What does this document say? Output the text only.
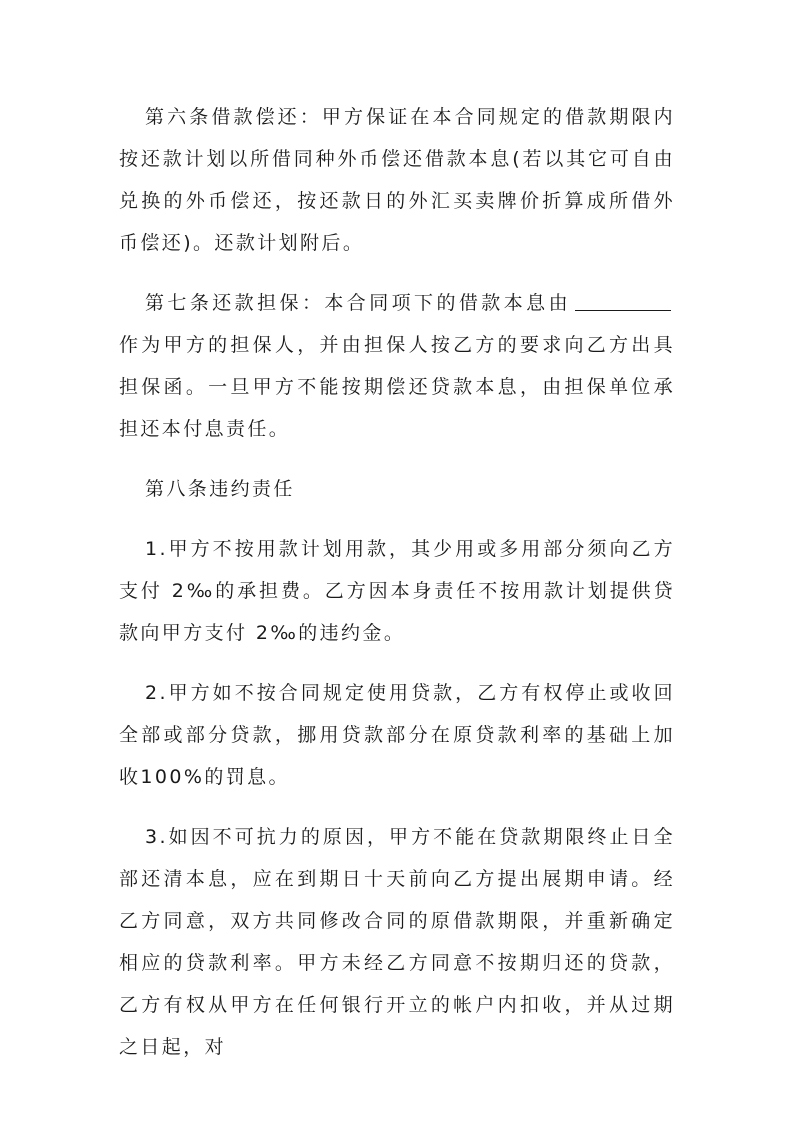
第六条借款偿还：甲方保证在本合同规定的借款期限内按还款计划以所借同种外币偿还借款本息(若以其它可自由兑换的外币偿还，按还款日的外汇买卖牌价折算成所借外币偿还)。还款计划附后。

第七条还款担保：本合同项下的借款本息由作为甲方的担保人，并由担保人按乙方的要求向乙方出具担保函。一旦甲方不能按期偿还贷款本息，由担保单位承担还本付息责任。

第八条违约责任

1.甲方不按用款计划用款，其少用或多用部分须向乙方支付 2‰的承担费。乙方因本身责任不按用款计划提供贷款向甲方支付 2‰的违约金。

2.甲方如不按合同规定使用贷款，乙方有权停止或收回全部或部分贷款，挪用贷款部分在原贷款利率的基础上加收100%的罚息。

3.如因不可抗力的原因，甲方不能在贷款期限终止日全部还清本息，应在到期日十天前向乙方提出展期申请。经乙方同意，双方共同修改合同的原借款期限，并重新确定相应的贷款利率。甲方未经乙方同意不按期归还的贷款，乙方有权从甲方在任何银行开立的帐户内扣收，并从过期之日起，对
